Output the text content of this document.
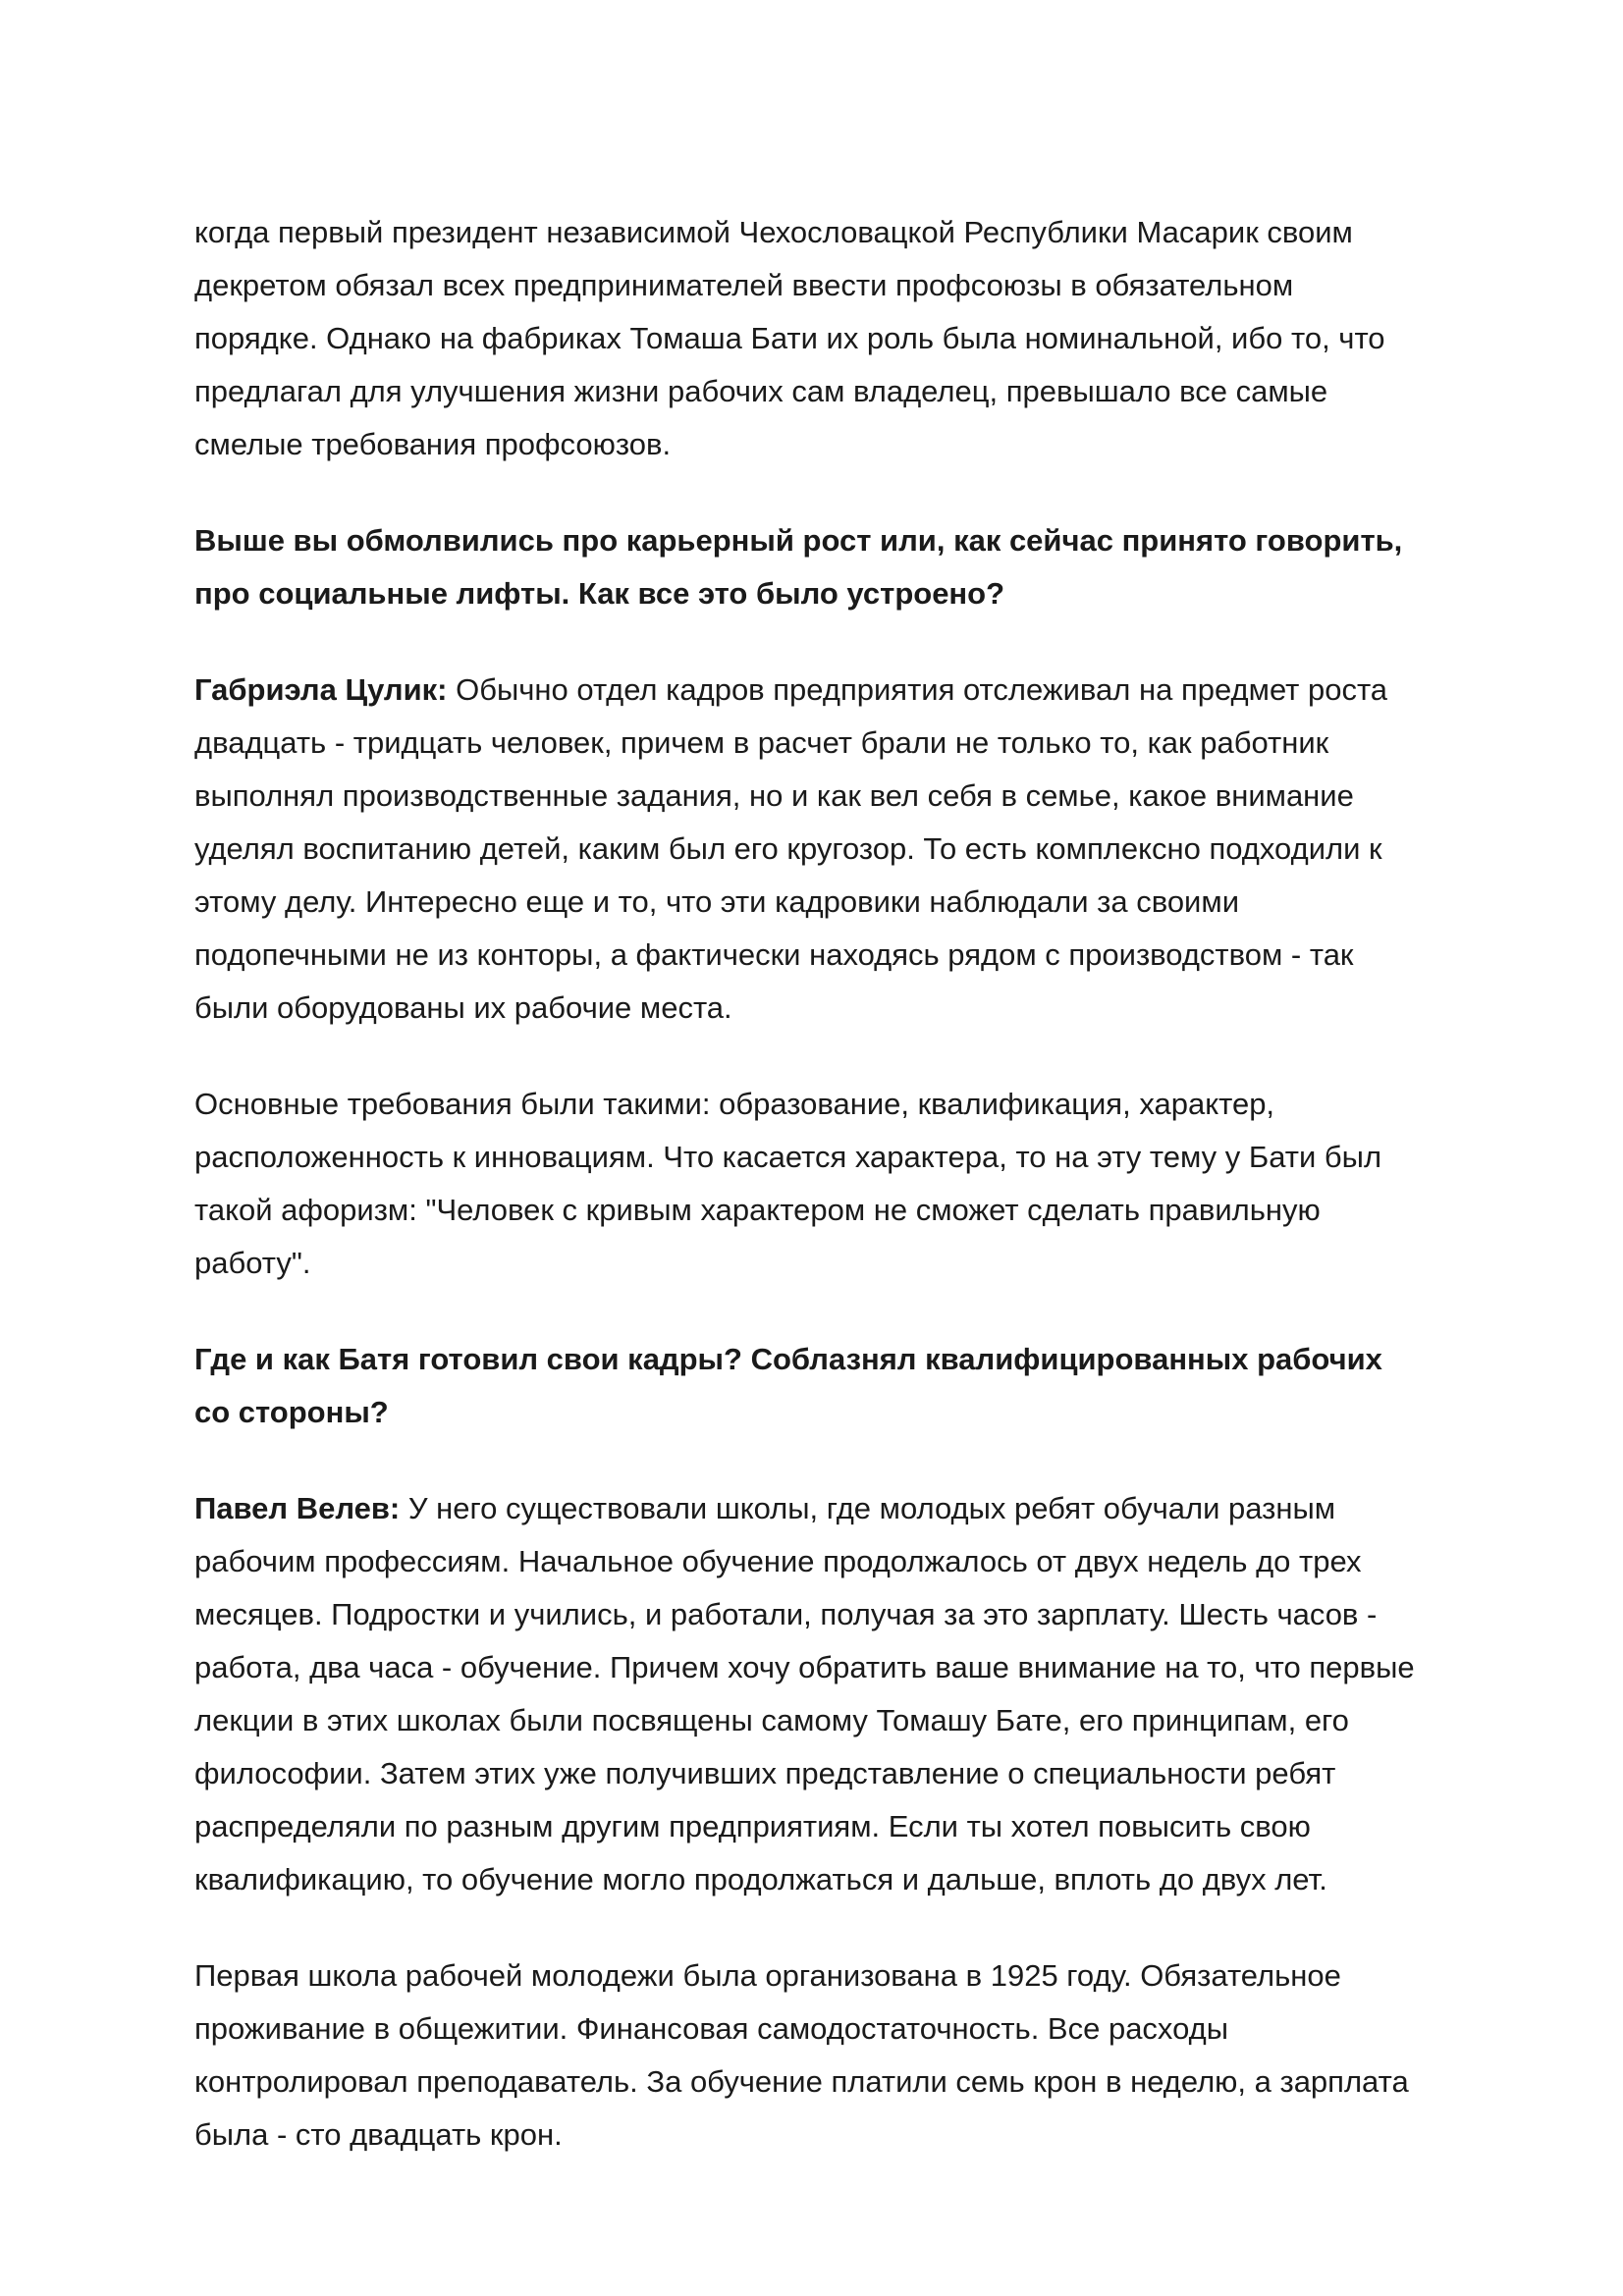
когда первый президент независимой Чехословацкой Республики Масарик своим
декретом обязал всех предпринимателей ввести профсоюзы в обязательном
порядке. Однако на фабриках Томаша Бати их роль была номинальной, ибо то, что
предлагал для улучшения жизни рабочих сам владелец, превышало все самые
смелые требования профсоюзов.

Выше вы обмолвились про карьерный рост или, как сейчас принято говорить,
про социальные лифты. Как все это было устроено?

Габриэла Цулик: Обычно отдел кадров предприятия отслеживал на предмет роста
двадцать - тридцать человек, причем в расчет брали не только то, как работник
выполнял производственные задания, но и как вел себя в семье, какое внимание
уделял воспитанию детей, каким был его кругозор. То есть комплексно подходили к
этому делу. Интересно еще и то, что эти кадровики наблюдали за своими
подопечными не из конторы, а фактически находясь рядом с производством - так
были оборудованы их рабочие места.

Основные требования были такими: образование, квалификация, характер,
расположенность к инновациям. Что касается характера, то на эту тему у Бати был
такой афоризм: "Человек с кривым характером не сможет сделать правильную
работу".

Где и как Батя готовил свои кадры? Соблазнял квалифицированных рабочих
со стороны?

Павел Велев: У него существовали школы, где молодых ребят обучали разным
рабочим профессиям. Начальное обучение продолжалось от двух недель до трех
месяцев. Подростки и учились, и работали, получая за это зарплату. Шесть часов -
работа, два часа - обучение. Причем хочу обратить ваше внимание на то, что первые
лекции в этих школах были посвящены самому Томашу Бате, его принципам, его
философии. Затем этих уже получивших представление о специальности ребят
распределяли по разным другим предприятиям. Если ты хотел повысить свою
квалификацию, то обучение могло продолжаться и дальше, вплоть до двух лет.

Первая школа рабочей молодежи была организована в 1925 году. Обязательное
проживание в общежитии. Финансовая самодостаточность. Все расходы
контролировал преподаватель. За обучение платили семь крон в неделю, а зарплата
была - сто двадцать крон.
